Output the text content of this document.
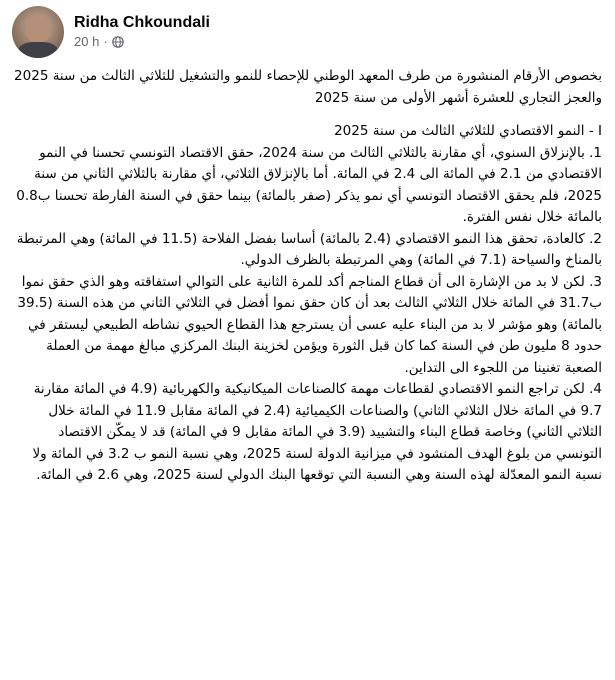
Ridha Chkoundali
20 h ·

بخصوص الأرقام المنشورة من طرف المعهد الوطني للإحصاء للنمو والتشغيل للثلاثي الثالث من سنة 2025 والعجز التجاري للعشرة أشهر الأولى من سنة 2025

I - النمو الاقتصادي للثلاثي الثالث من سنة 2025

1. بالإنزلاق السنوي، أي مقارنة بالثلاثي الثالث من سنة 2024، حقق الاقتصاد التونسي تحسنا في النمو الاقتصادي من 2.1 في المائة الى 2.4 في المائة. أما بالإنزلاق الثلاثي، أي مقارنة بالثلاثي الثاني من سنة 2025، فلم يحقق الاقتصاد التونسي أي نمو يذكر (صفر بالمائة) بينما حقق في السنة الفارطة تحسنا ب0.8 بالمائة خلال نفس الفترة.

2. كالعادة، تحقق هذا النمو الاقتصادي (2.4 بالمائة) أساسا بفضل الفلاحة (11.5 في المائة) وهي المرتبطة بالمناخ والسياحة (7.1 في المائة) وهي المرتبطة بالظرف الدولي.

3. لكن لا بد من الإشارة الى أن قطاع المناجم أكد للمرة الثانية على التوالي استفاقته وهو الذي حقق نموا ب31.7 في المائة خلال الثلاثي الثالث بعد أن كان حقق نموا أفضل في الثلاثي الثاني من هذه السنة (39.5 بالمائة) وهو مؤشر لا بد من البناء عليه عسى أن يسترجع هذا القطاع الحيوي نشاطه الطبيعي ليستقر في حدود 8 مليون طن في السنة كما كان قبل الثورة ويؤمن لخزينة البنك المركزي مبالغ مهمة من العملة الصعبة تغنينا من اللجوء الى التداين.

4. لكن تراجع النمو الاقتصادي لقطاعات مهمة كالصناعات الميكانيكية والكهربائية (4.9 في المائة مقارنة 9.7 في المائة خلال الثلاثي الثاني) والصناعات الكيميائية (2.4 في المائة مقابل 11.9 في المائة خلال الثلاثي الثاني) وخاصة قطاع البناء والتشييد (3.9 في المائة مقابل 9 في المائة) قد لا يمكّن الاقتصاد التونسي من بلوغ الهدف المنشود في ميزانية الدولة لسنة 2025، وهي نسبة النمو ب 3.2 في المائة ولا نسبة النمو المعدّلة لهذه السنة وهي النسبة التي توقعها البنك الدولي لسنة 2025، وهي 2.6 في المائة.
